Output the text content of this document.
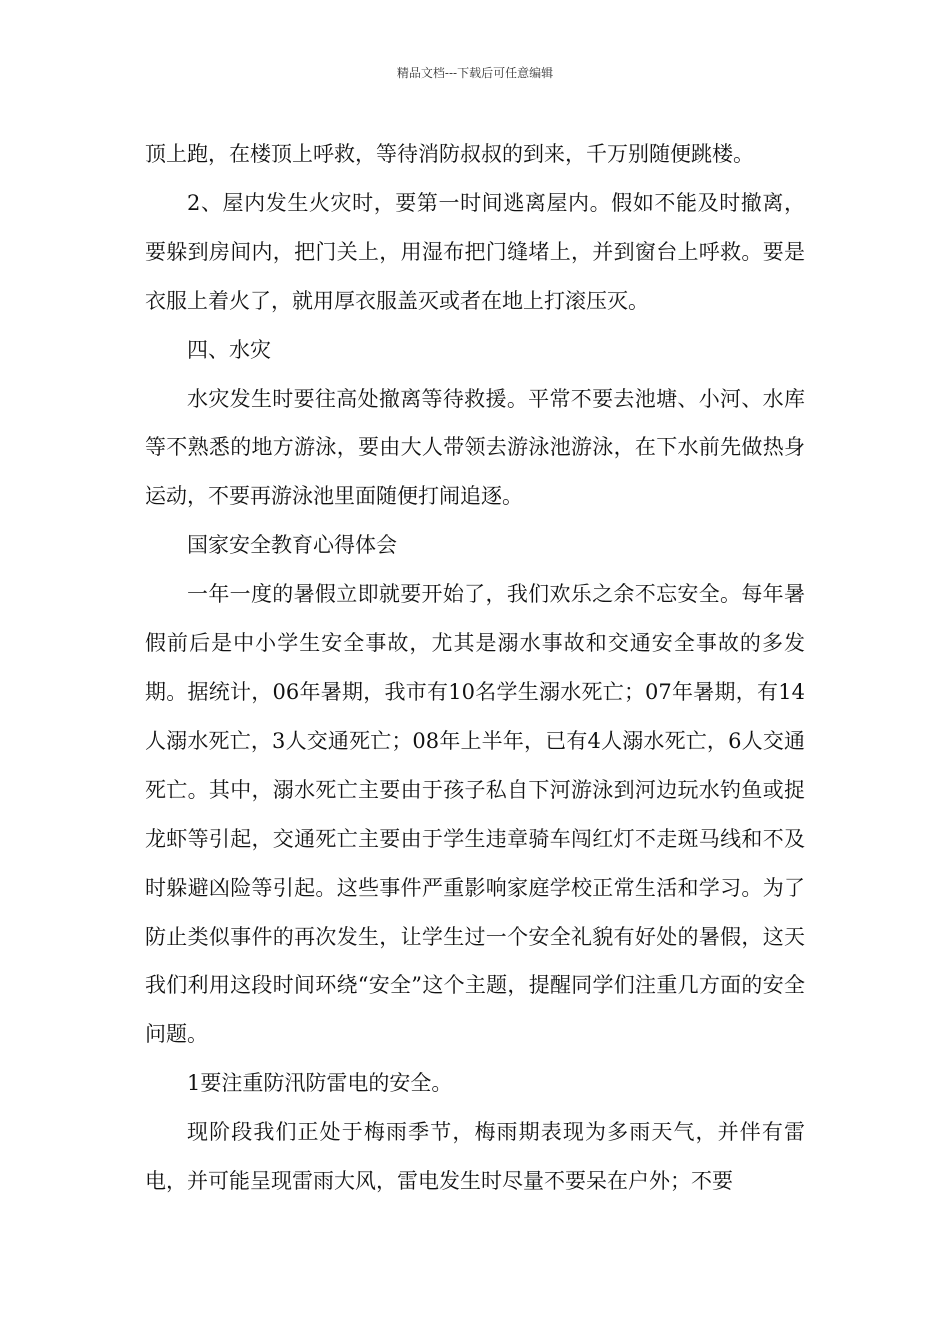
精品文档---下载后可任意编辑

顶上跑，在楼顶上呼救，等待消防叔叔的到来，千万别随便跳楼。

2、屋内发生火灾时，要第一时间逃离屋内。假如不能及时撤离，要躲到房间内，把门关上，用湿布把门缝堵上，并到窗台上呼救。要是衣服上着火了，就用厚衣服盖灭或者在地上打滚压灭。

四、水灾

水灾发生时要往高处撤离等待救援。平常不要去池塘、小河、水库等不熟悉的地方游泳，要由大人带领去游泳池游泳，在下水前先做热身运动，不要再游泳池里面随便打闹追逐。

国家安全教育心得体会

一年一度的暑假立即就要开始了，我们欢乐之余不忘安全。每年暑假前后是中小学生安全事故，尤其是溺水事故和交通安全事故的多发期。据统计，06年暑期，我市有10名学生溺水死亡；07年暑期，有14人溺水死亡，3人交通死亡；08年上半年，已有4人溺水死亡，6人交通死亡。其中，溺水死亡主要由于孩子私自下河游泳到河边玩水钓鱼或捉龙虾等引起，交通死亡主要由于学生违章骑车闯红灯不走斑马线和不及时躲避凶险等引起。这些事件严重影响家庭学校正常生活和学习。为了防止类似事件的再次发生，让学生过一个安全礼貌有好处的暑假，这天我们利用这段时间环绕“安全”这个主题，提醒同学们注重几方面的安全问题。

1要注重防汛防雷电的安全。

现阶段我们正处于梅雨季节，梅雨期表现为多雨天气，并伴有雷电，并可能呈现雷雨大风，雷电发生时尽量不要呆在户外；不要
